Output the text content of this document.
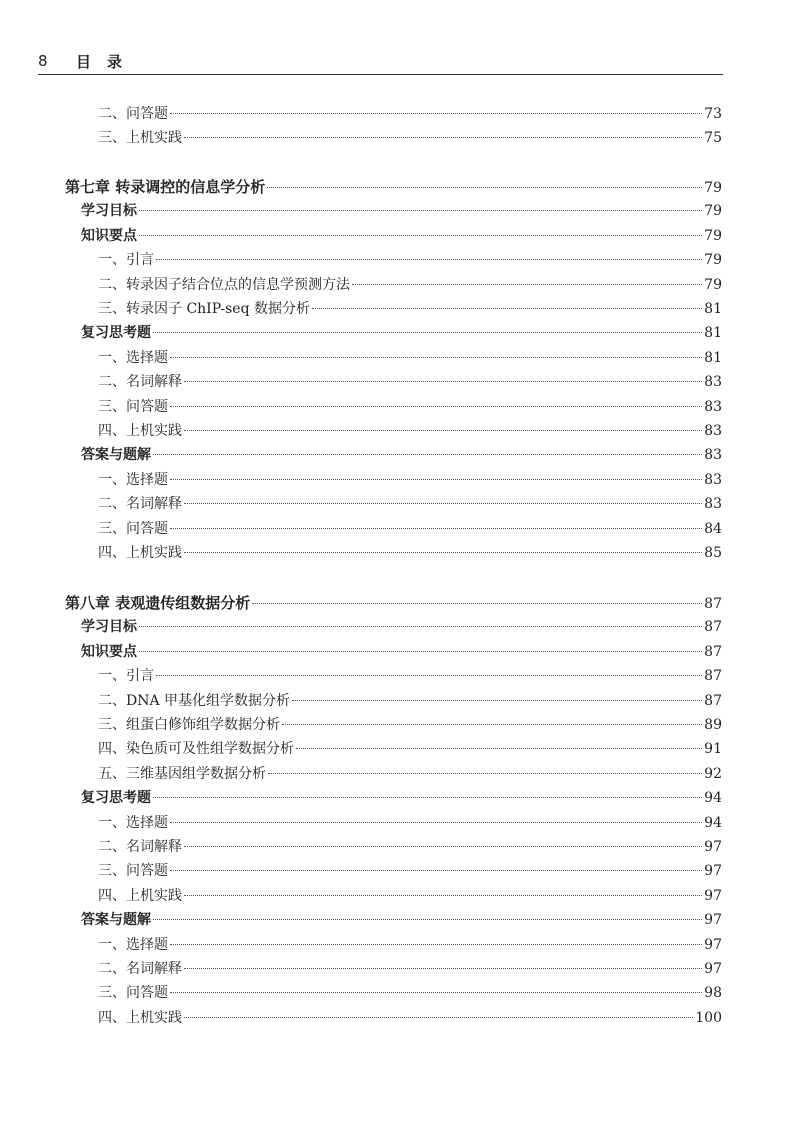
8 目录
二、问答题	73
三、上机实践	75
第七章 转录调控的信息学分析	79
学习目标	79
知识要点	79
一、引言	79
二、转录因子结合位点的信息学预测方法	79
三、转录因子 ChIP-seq 数据分析	81
复习思考题	81
一、选择题	81
二、名词解释	83
三、问答题	83
四、上机实践	83
答案与题解	83
一、选择题	83
二、名词解释	83
三、问答题	84
四、上机实践	85
第八章 表观遗传组数据分析	87
学习目标	87
知识要点	87
一、引言	87
二、DNA 甲基化组学数据分析	87
三、组蛋白修饰组学数据分析	89
四、染色质可及性组学数据分析	91
五、三维基因组学数据分析	92
复习思考题	94
一、选择题	94
二、名词解释	97
三、问答题	97
四、上机实践	97
答案与题解	97
一、选择题	97
二、名词解释	97
三、问答题	98
四、上机实践	100
